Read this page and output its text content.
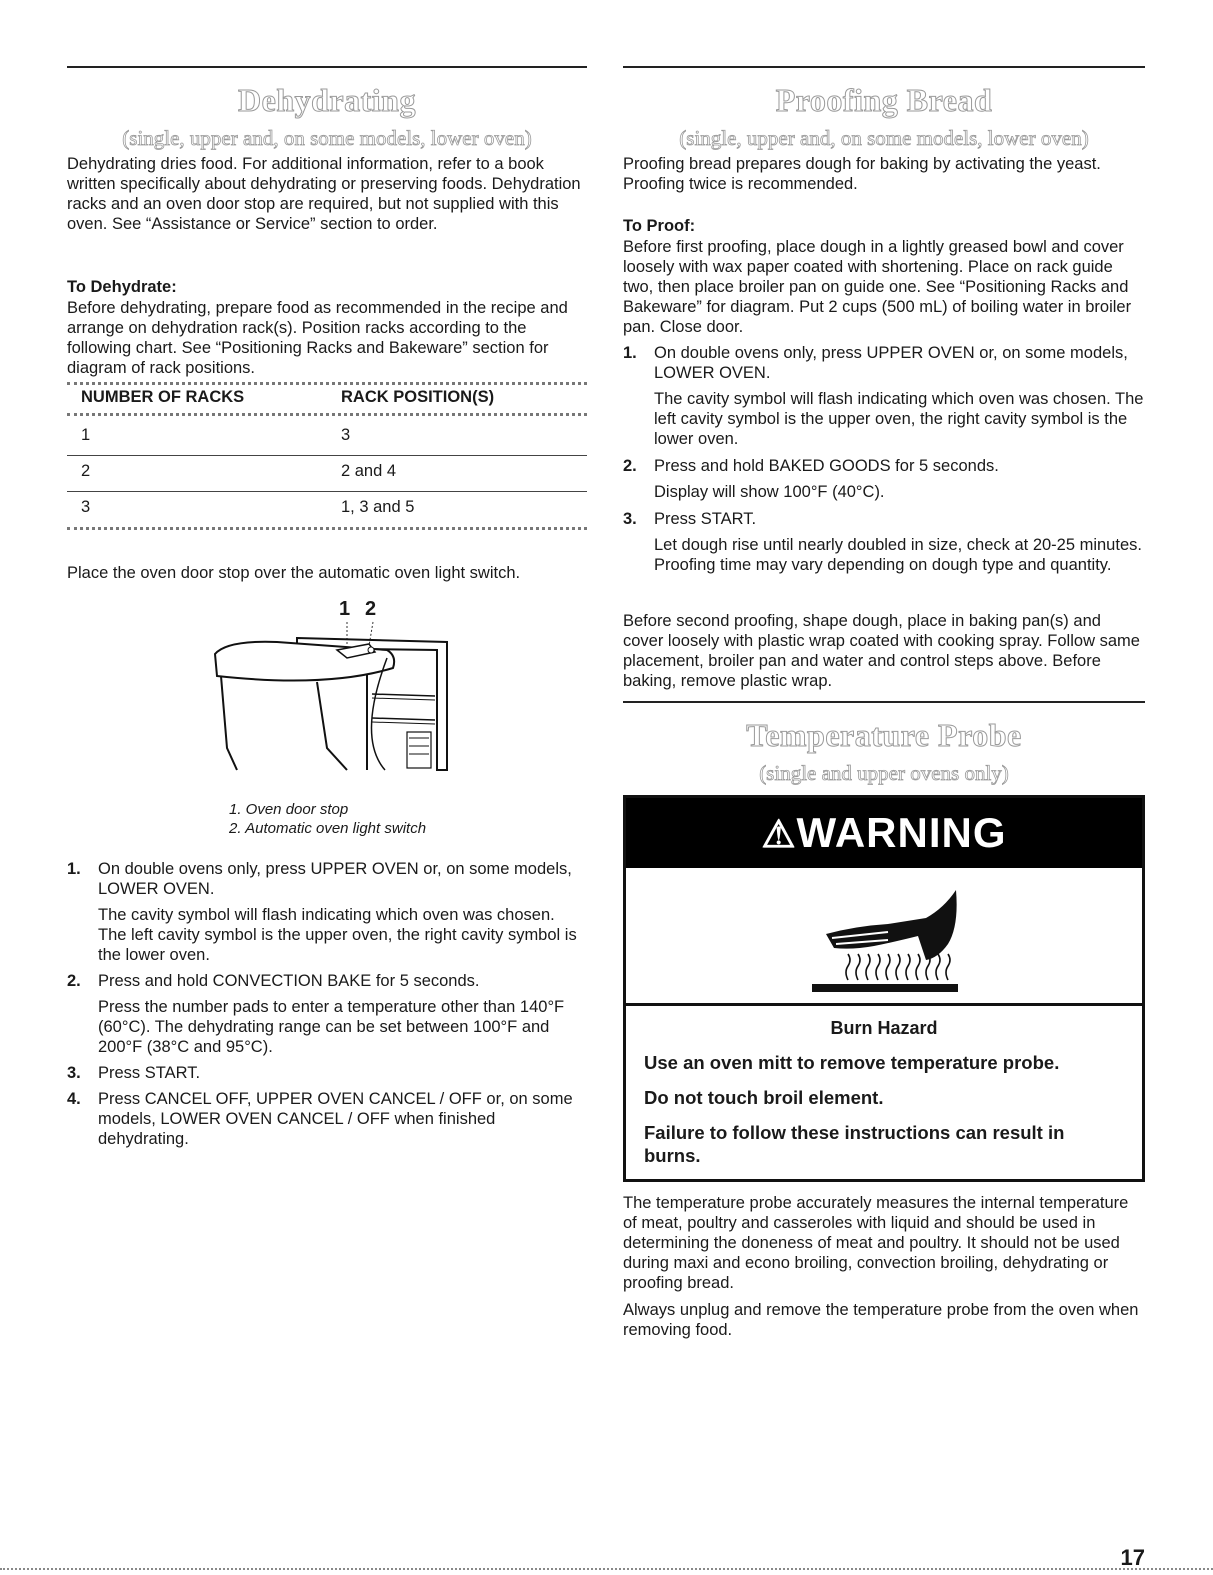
Dehydrating
(single, upper and, on some models, lower oven)

Dehydrating dries food. For additional information, refer to a book written specifically about dehydrating or preserving foods. Dehydration racks and an oven door stop are required, but not supplied with this oven. See “Assistance or Service” section to order.

To Dehydrate:

Before dehydrating, prepare food as recommended in the recipe and arrange on dehydration rack(s). Position racks according to the following chart. See “Positioning Racks and Bakeware” section for diagram of rack positions.

NUMBER OF RACKS	RACK POSITION(S)

1	3
2	2 and 4
3	1, 3 and 5

Place the oven door stop over the automatic oven light switch.

1 2

1. Oven door stop

2. Automatic oven light switch

1. On double ovens only, press UPPER OVEN or, on some models, LOWER OVEN.
The cavity symbol will flash indicating which oven was chosen. The left cavity symbol is the upper oven, the right cavity symbol is the lower oven.
2. Press and hold CONVECTION BAKE for 5 seconds.
Press the number pads to enter a temperature other than 140°F (60°C). The dehydrating range can be set between 100°F and 200°F (38°C and 95°C).
3. Press START.
4. Press CANCEL OFF, UPPER OVEN CANCEL / OFF or, on some models, LOWER OVEN CANCEL / OFF when finished dehydrating.
Proofing Bread
(single, upper and, on some models, lower oven)

Proofing bread prepares dough for baking by activating the yeast. Proofing twice is recommended.

To Proof:

Before first proofing, place dough in a lightly greased bowl and cover loosely with wax paper coated with shortening. Place on rack guide two, then place broiler pan on guide one. See “Positioning Racks and Bakeware” for diagram. Put 2 cups (500 mL) of boiling water in broiler pan. Close door.

1. On double ovens only, press UPPER OVEN or, on some models, LOWER OVEN.
The cavity symbol will flash indicating which oven was chosen. The left cavity symbol is the upper oven, the right cavity symbol is the lower oven.
2. Press and hold BAKED GOODS for 5 seconds.
Display will show 100°F (40°C).
3. Press START.
Let dough rise until nearly doubled in size, check at 20-25 minutes. Proofing time may vary depending on dough type and quantity.

Before second proofing, shape dough, place in baking pan(s) and cover loosely with plastic wrap coated with cooking spray. Follow same placement, broiler pan and water and control steps above. Before baking, remove plastic wrap.

Temperature Probe
(single and upper ovens only)
⚠WARNING
Burn Hazard
Use an oven mitt to remove temperature probe.
Do not touch broil element.
Failure to follow these instructions can result in burns.

The temperature probe accurately measures the internal temperature of meat, poultry and casseroles with liquid and should be used in determining the doneness of meat and poultry. It should not be used during maxi and econo broiling, convection broiling, dehydrating or proofing bread.

Always unplug and remove the temperature probe from the oven when removing food.

17
